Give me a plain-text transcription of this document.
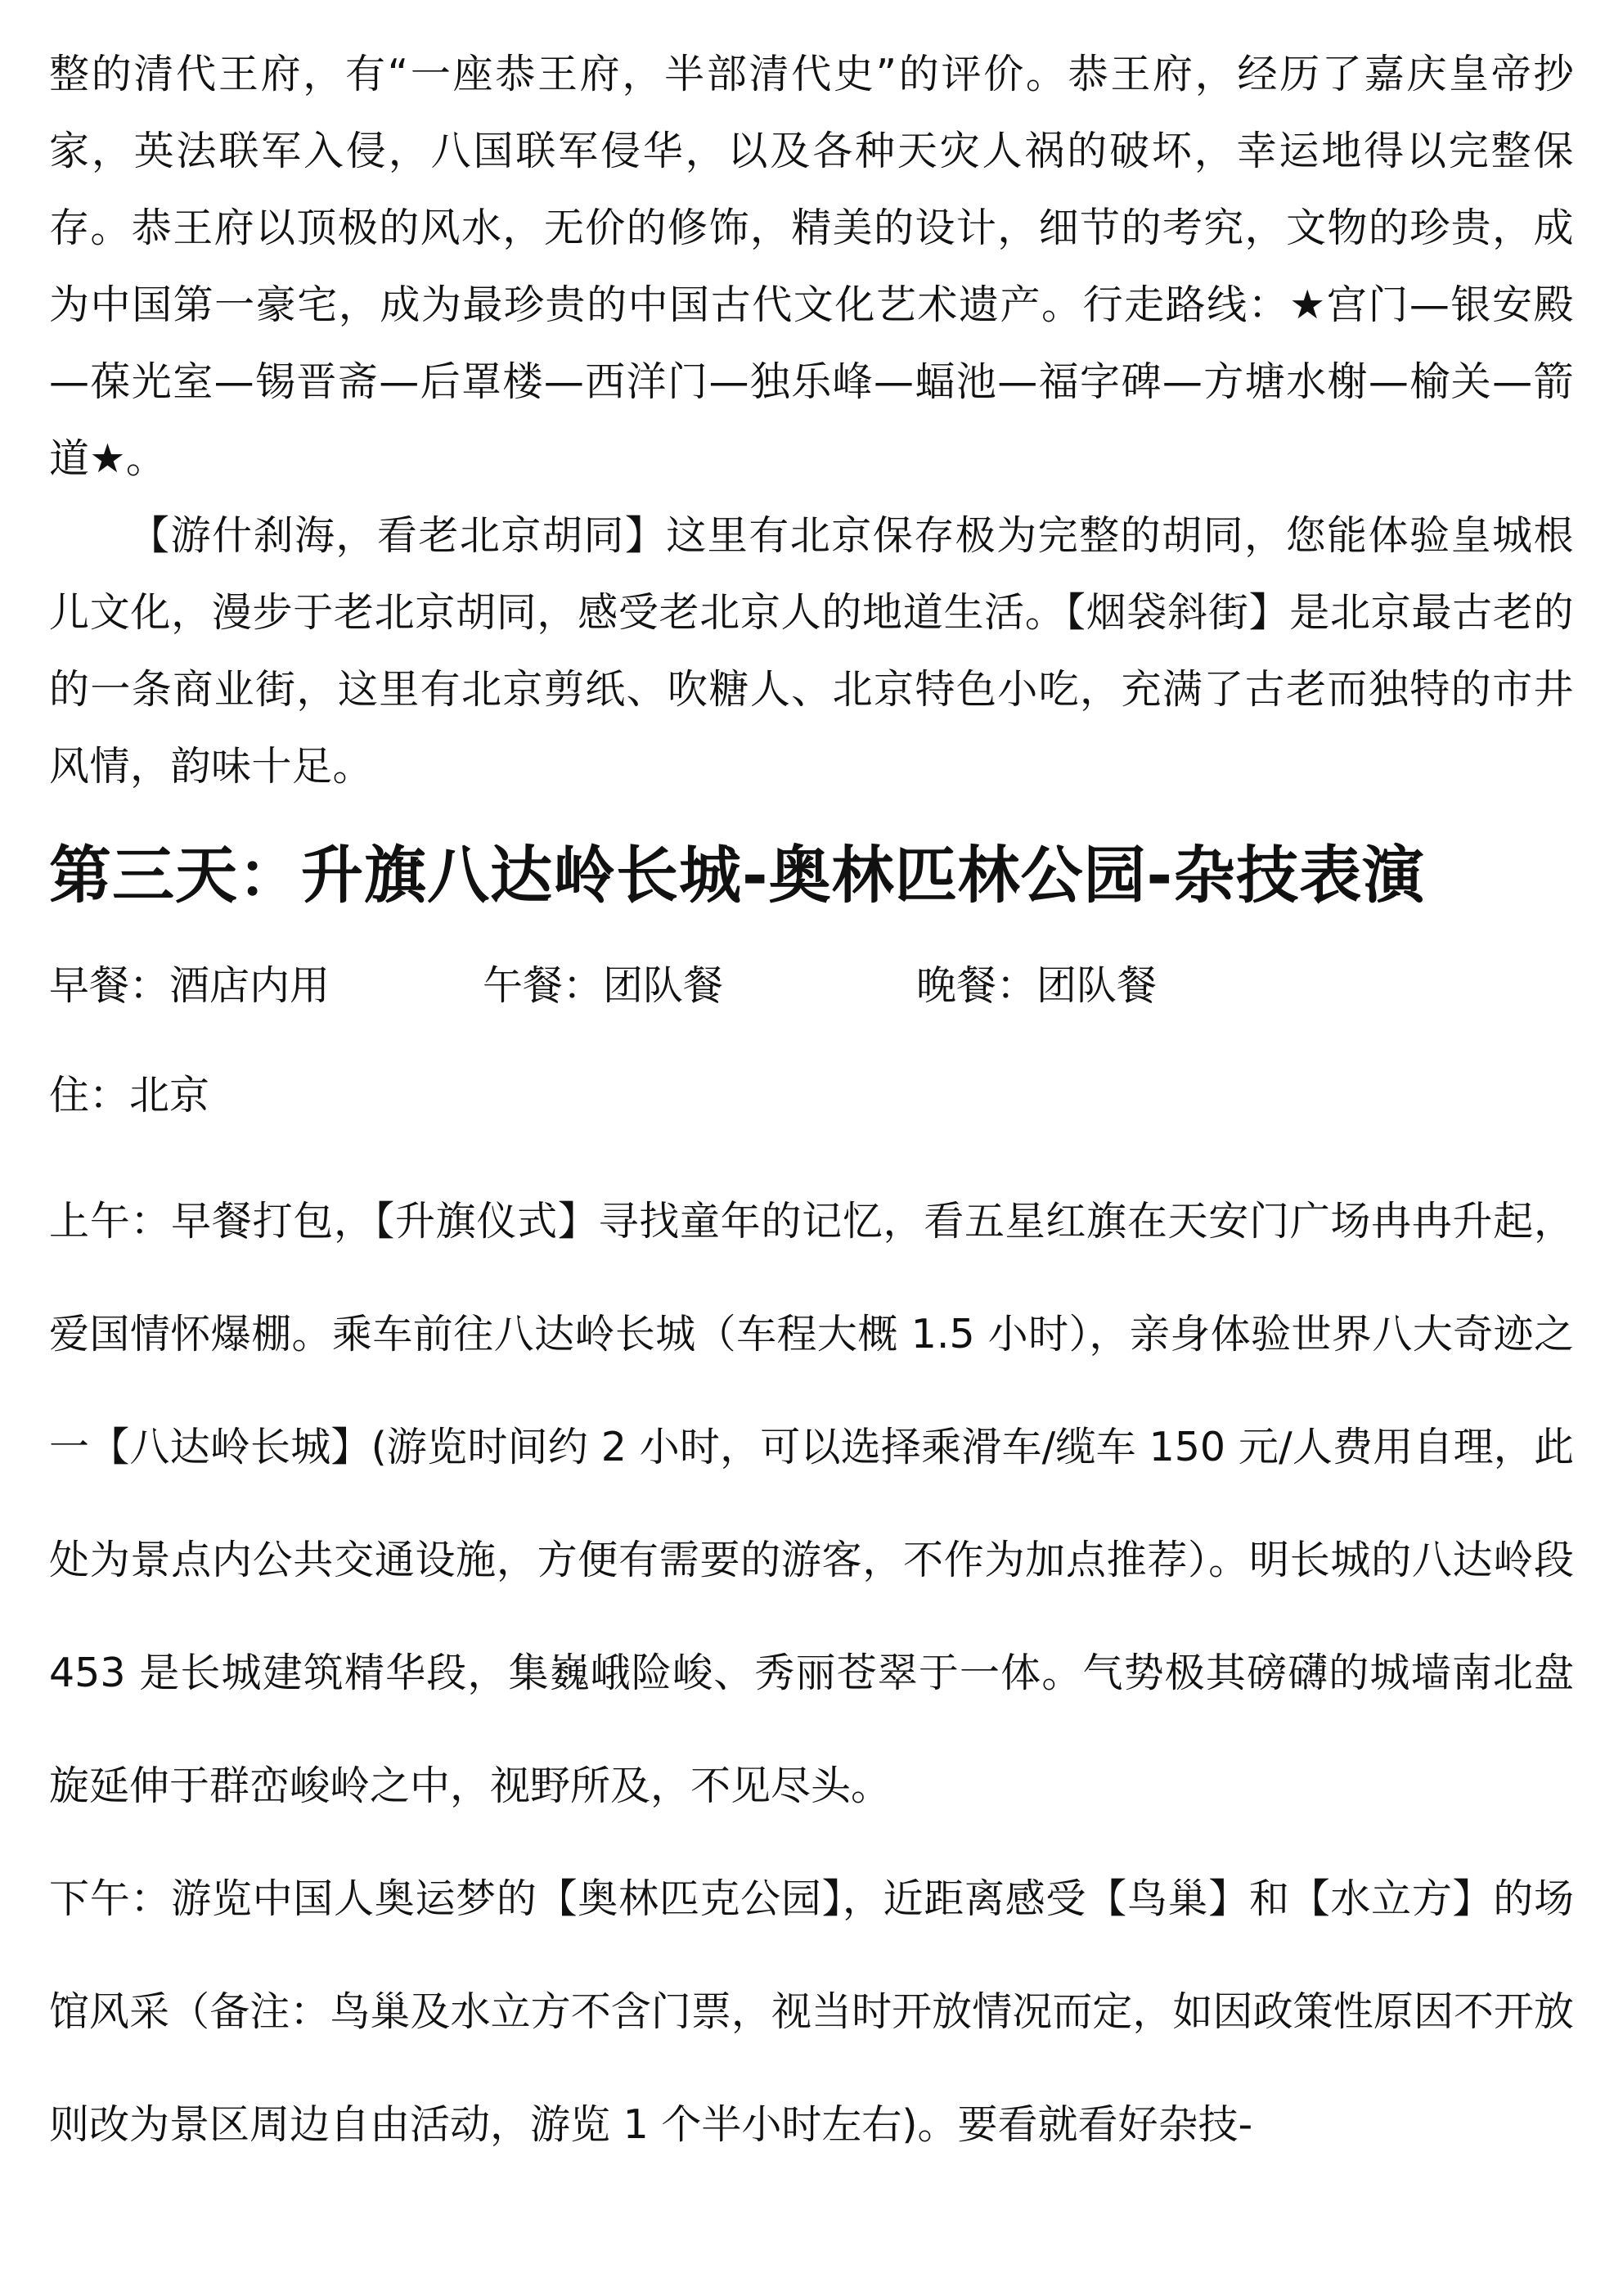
整的清代王府，有“一座恭王府，半部清代史”的评价。恭王府，经历了嘉庆皇帝抄家，英法联军入侵，八国联军侵华，以及各种天灾人祸的破坏，幸运地得以完整保存。恭王府以顶极的风水，无价的修饰，精美的设计，细节的考究，文物的珍贵，成为中国第一豪宅，成为最珍贵的中国古代文化艺术遗产。行走路线：★宫门—银安殿—葆光室—锡晋斋—后罩楼—西洋门—独乐峰—蝠池—福字碑—方塘水榭—榆关—箭道★。

【游什刹海，看老北京胡同】这里有北京保存极为完整的胡同，您能体验皇城根儿文化，漫步于老北京胡同，感受老北京人的地道生活。【烟袋斜街】是北京最古老的的一条商业街，这里有北京剪纸、吹糖人、北京特色小吃，充满了古老而独特的市井风情，韵味十足。

第三天：升旗八达岭长城-奥林匹林公园-杂技表演
早餐：酒店内用	午餐：团队餐	晚餐：团队餐

住：北京

上午：早餐打包，【升旗仪式】寻找童年的记忆，看五星红旗在天安门广场冉冉升起，爱国情怀爆棚。乘车前往八达岭长城（车程大概 1.5 小时），亲身体验世界八大奇迹之一【八达岭长城】(游览时间约 2 小时，可以选择乘滑车/缆车 150 元/人费用自理，此处为景点内公共交通设施，方便有需要的游客，不作为加点推荐）。明长城的八达岭段 453 是长城建筑精华段，集巍峨险峻、秀丽苍翠于一体。气势极其磅礴的城墙南北盘旋延伸于群峦峻岭之中，视野所及，不见尽头。

下午：游览中国人奥运梦的【奥林匹克公园】，近距离感受【鸟巢】和【水立方】的场馆风采（备注：鸟巢及水立方不含门票，视当时开放情况而定，如因政策性原因不开放则改为景区周边自由活动，游览 1 个半小时左右)。要看就看好杂技-
